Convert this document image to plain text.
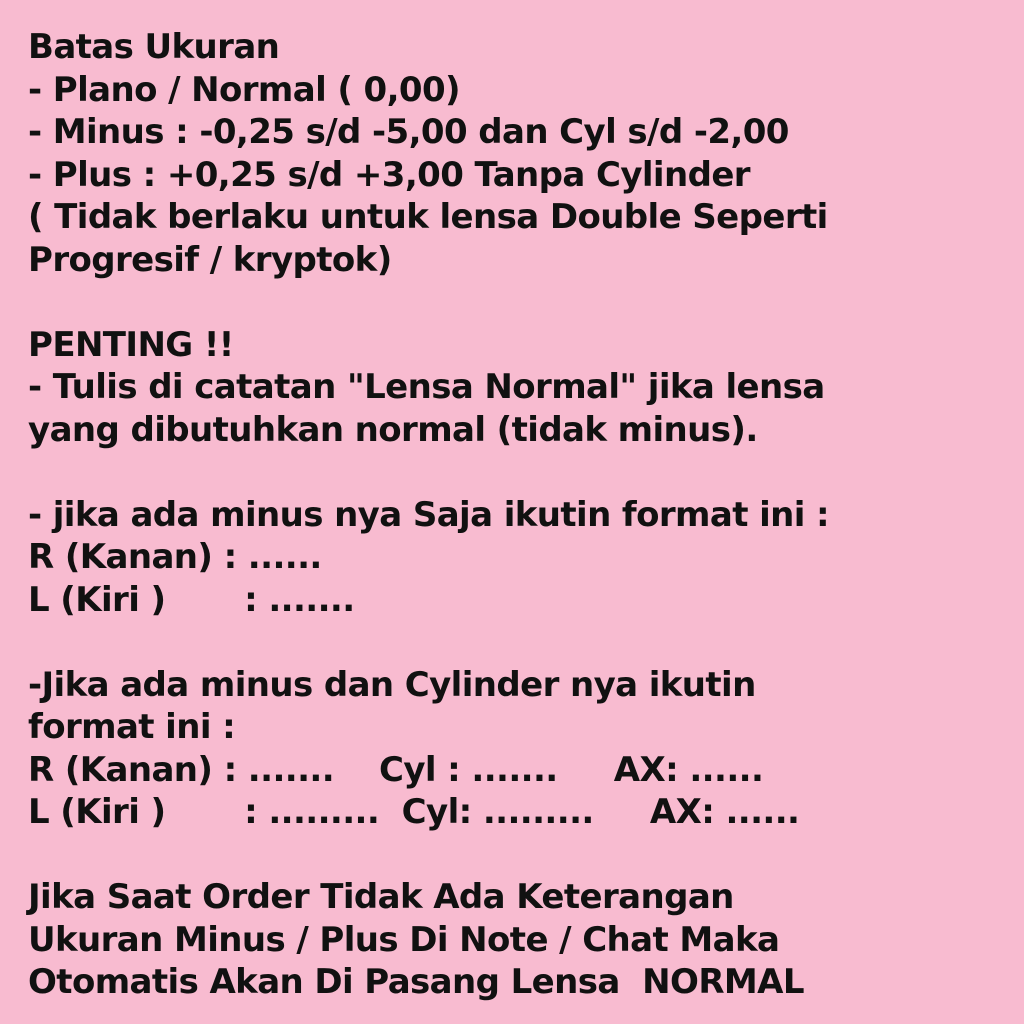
Batas Ukuran
- Plano / Normal ( 0,00)
- Minus : -0,25 s/d -5,00 dan Cyl s/d -2,00
- Plus : +0,25 s/d +3,00 Tanpa Cylinder
( Tidak berlaku untuk lensa Double Seperti
Progresif / kryptok)
PENTING !!
- Tulis di catatan "Lensa Normal" jika lensa
yang dibutuhkan normal (tidak minus).
- jika ada minus nya Saja ikutin format ini :
R (Kanan) : ......
L (Kiri )       : .......
-Jika ada minus dan Cylinder nya ikutin
format ini :
R (Kanan) : .......    Cyl : .......     AX: ......
L (Kiri )       : .........  Cyl: .........     AX: ......
Jika Saat Order Tidak Ada Keterangan
Ukuran Minus / Plus Di Note / Chat Maka
Otomatis Akan Di Pasang Lensa  NORMAL
